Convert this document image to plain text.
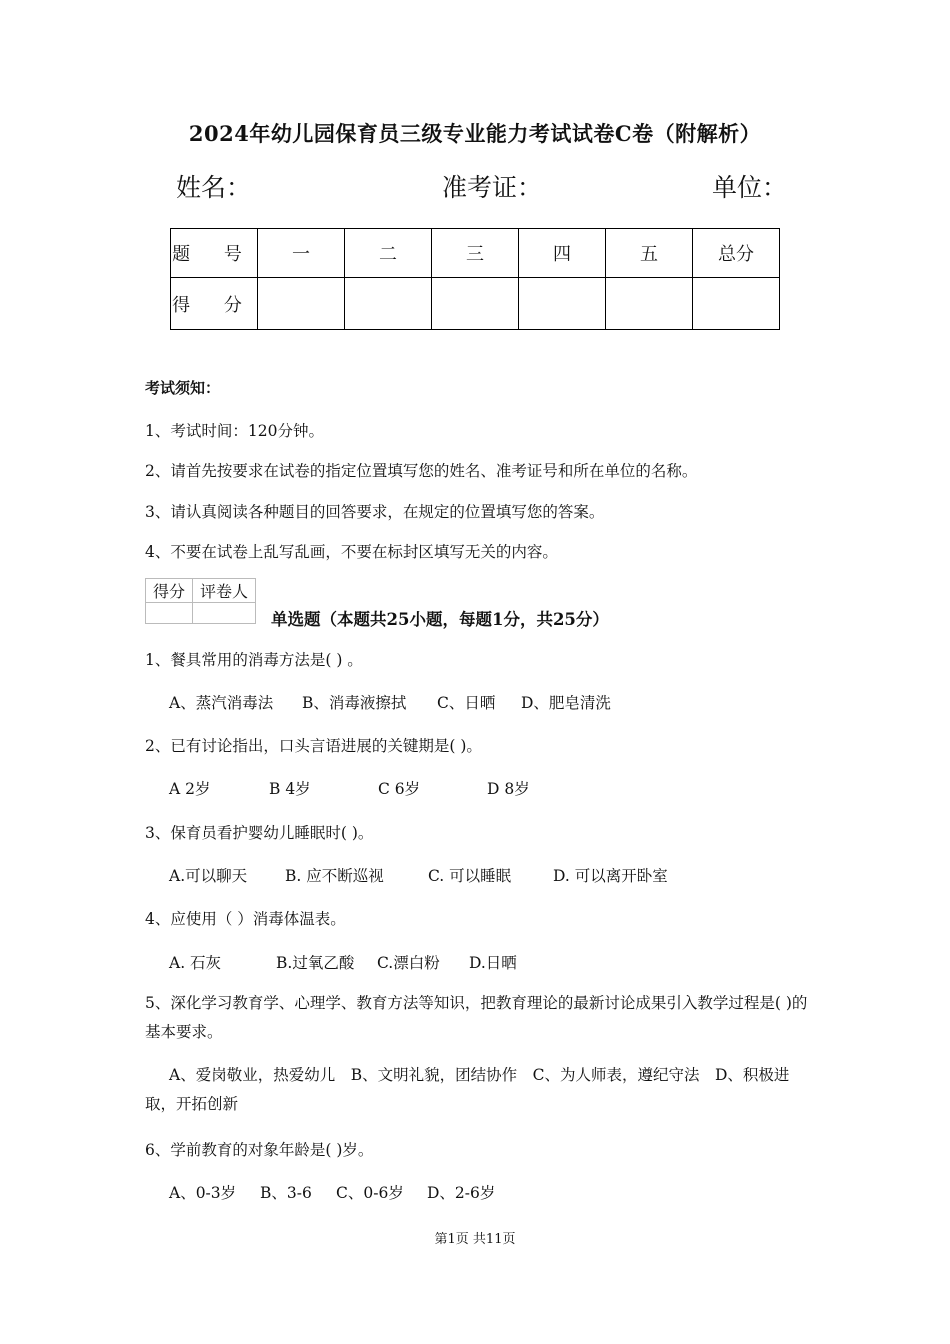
2024年幼儿园保育员三级专业能力考试试卷C卷（附解析）
姓名：	准考证：	单位：
题 号	一	二	三	四	五	总分
得 分						
考试须知：
1、考试时间：120分钟。
2、请首先按要求在试卷的指定位置填写您的姓名、准考证号和所在单位的名称。
3、请认真阅读各种题目的回答要求，在规定的位置填写您的答案。
4、不要在试卷上乱写乱画，不要在标封区填写无关的内容。
得分	评卷人

单选题（本题共25小题，每题1分，共25分）
1、餐具常用的消毒方法是( ) 。
A、蒸汽消毒法 B、消毒液擦拭 C、日晒 D、肥皂清洗
2、已有讨论指出，口头言语进展的关键期是( )。
A 2岁	B 4岁	C 6岁	D 8岁
3、保育员看护婴幼儿睡眠时( )。
A.可以聊天 B. 应不断巡视	C. 可以睡眠	D. 可以离开卧室
4、应使用（ ）消毒体温表。
A. 石灰	B.过氧乙酸 C.漂白粉 D.日晒
5、深化学习教育学、心理学、教育方法等知识，把教育理论的最新讨论成果引入教学过程是( )的基本要求。
A、爱岗敬业，热爱幼儿　B、文明礼貌，团结协作　C、为人师表，遵纪守法　D、积极进取，开拓创新
6、学前教育的对象年龄是( )岁。
A、0-3岁 B、3-6 C、0-6岁 D、2-6岁
第1页 共11页
